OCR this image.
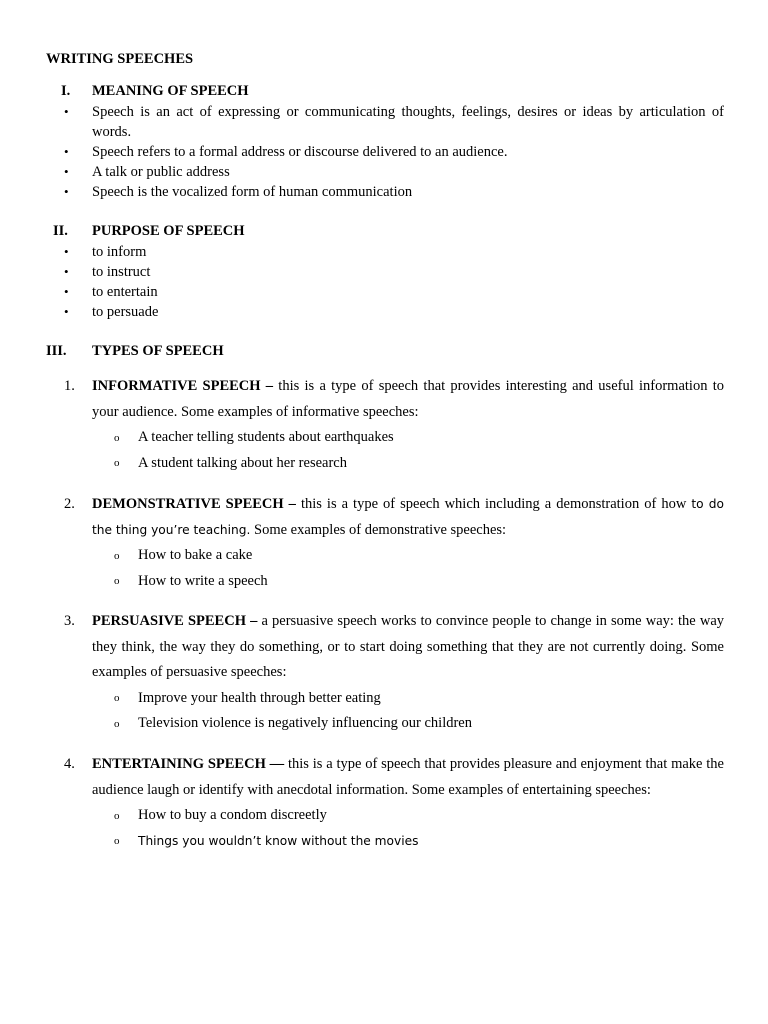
WRITING SPEECHES
I. MEANING OF SPEECH
•	Speech is an act of expressing or communicating thoughts, feelings, desires or ideas by articulation of words.
•	Speech refers to a formal address or discourse delivered to an audience.
•	A talk or public address
•	Speech is the vocalized form of human communication
II. PURPOSE OF SPEECH
•	to inform
•	to instruct
•	to entertain
•	to persuade
III. TYPES OF SPEECH
1.	INFORMATIVE SPEECH – this is a type of speech that provides interesting and useful information to your audience. Some examples of informative speeches:
o	A teacher telling students about earthquakes
o	A student talking about her research
2.	DEMONSTRATIVE SPEECH – this is a type of speech which including a demonstration of how to do the thing you’re teaching. Some examples of demonstrative speeches:
o	How to bake a cake
o	How to write a speech
3.	PERSUASIVE SPEECH – a persuasive speech works to convince people to change in some way: the way they think, the way they do something, or to start doing something that they are not currently doing. Some examples of persuasive speeches:
o	Improve your health through better eating
o	Television violence is negatively influencing our children
4.	ENTERTAINING SPEECH — this is a type of speech that provides pleasure and enjoyment that make the audience laugh or identify with anecdotal information. Some examples of entertaining speeches:
o	How to buy a condom discreetly
o	Things you wouldn’t know without the movies
